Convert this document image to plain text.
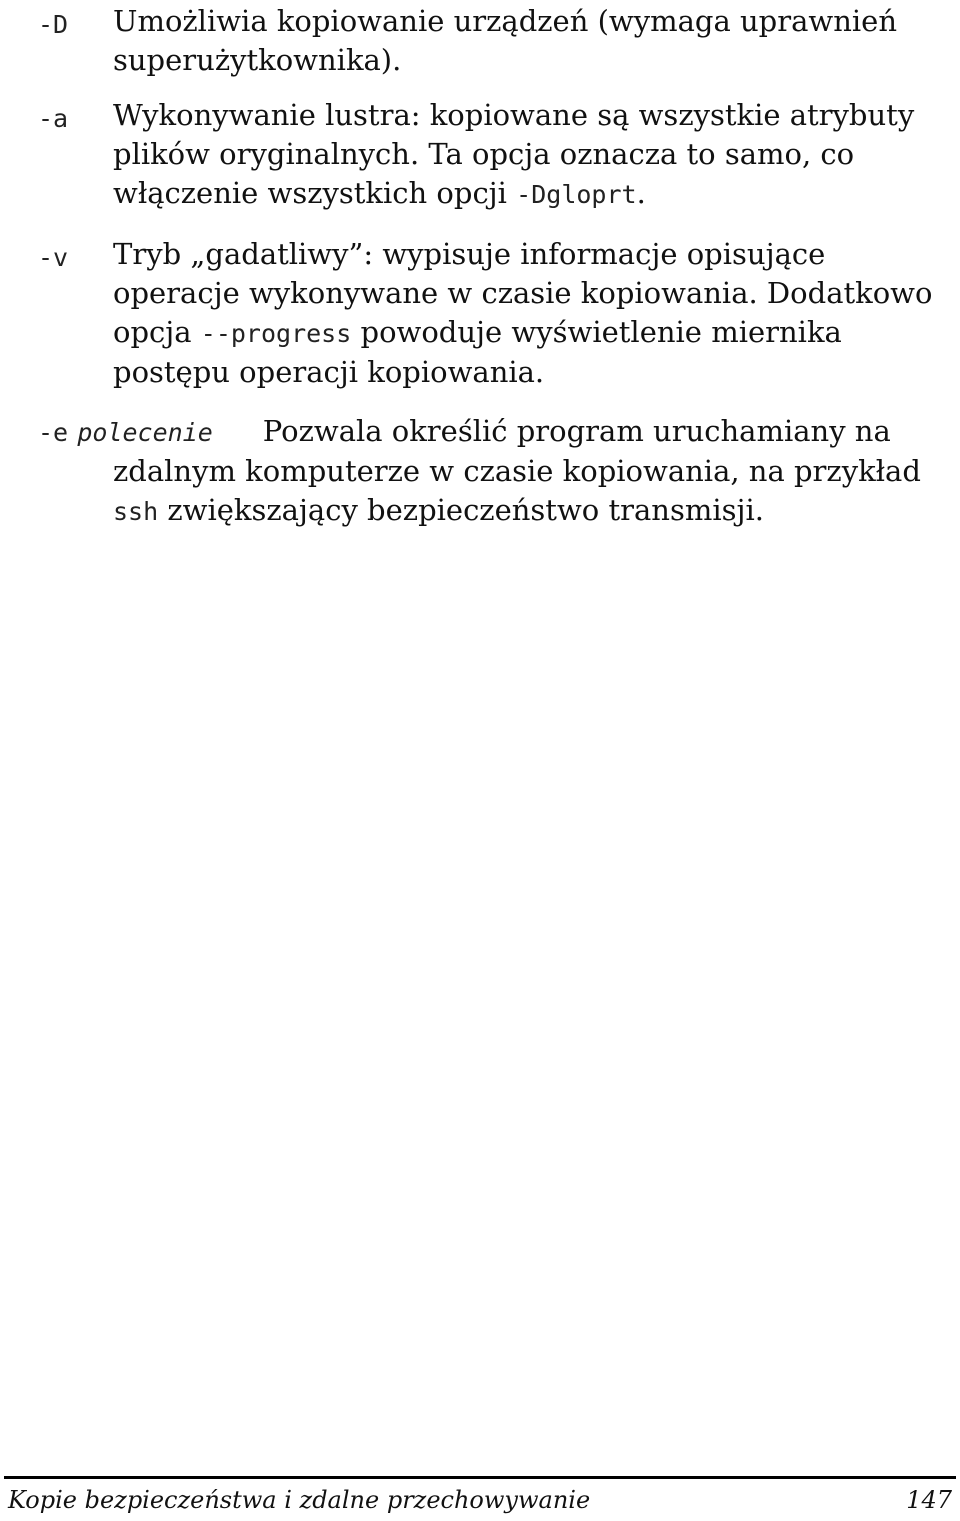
-D Umożliwia kopiowanie urządzeń (wymaga uprawnień superużytkownika).
-a Wykonywanie lustra: kopiowane są wszystkie atrybuty plików oryginalnych. Ta opcja oznacza to samo, co włączenie wszystkich opcji -Dgloprt.
-v Tryb „gadatliwy”: wypisuje informacje opisujące operacje wykonywane w czasie kopiowania. Dodatkowo opcja --progress powoduje wyświetlenie miernika postępu operacji kopiowania.
-e polecenie Pozwala określić program uruchamiany na zdalnym komputerze w czasie kopiowania, na przykład ssh zwiększający bezpieczeństwo transmisji.
Kopie bezpieczeństwa i zdalne przechowywanie	147
